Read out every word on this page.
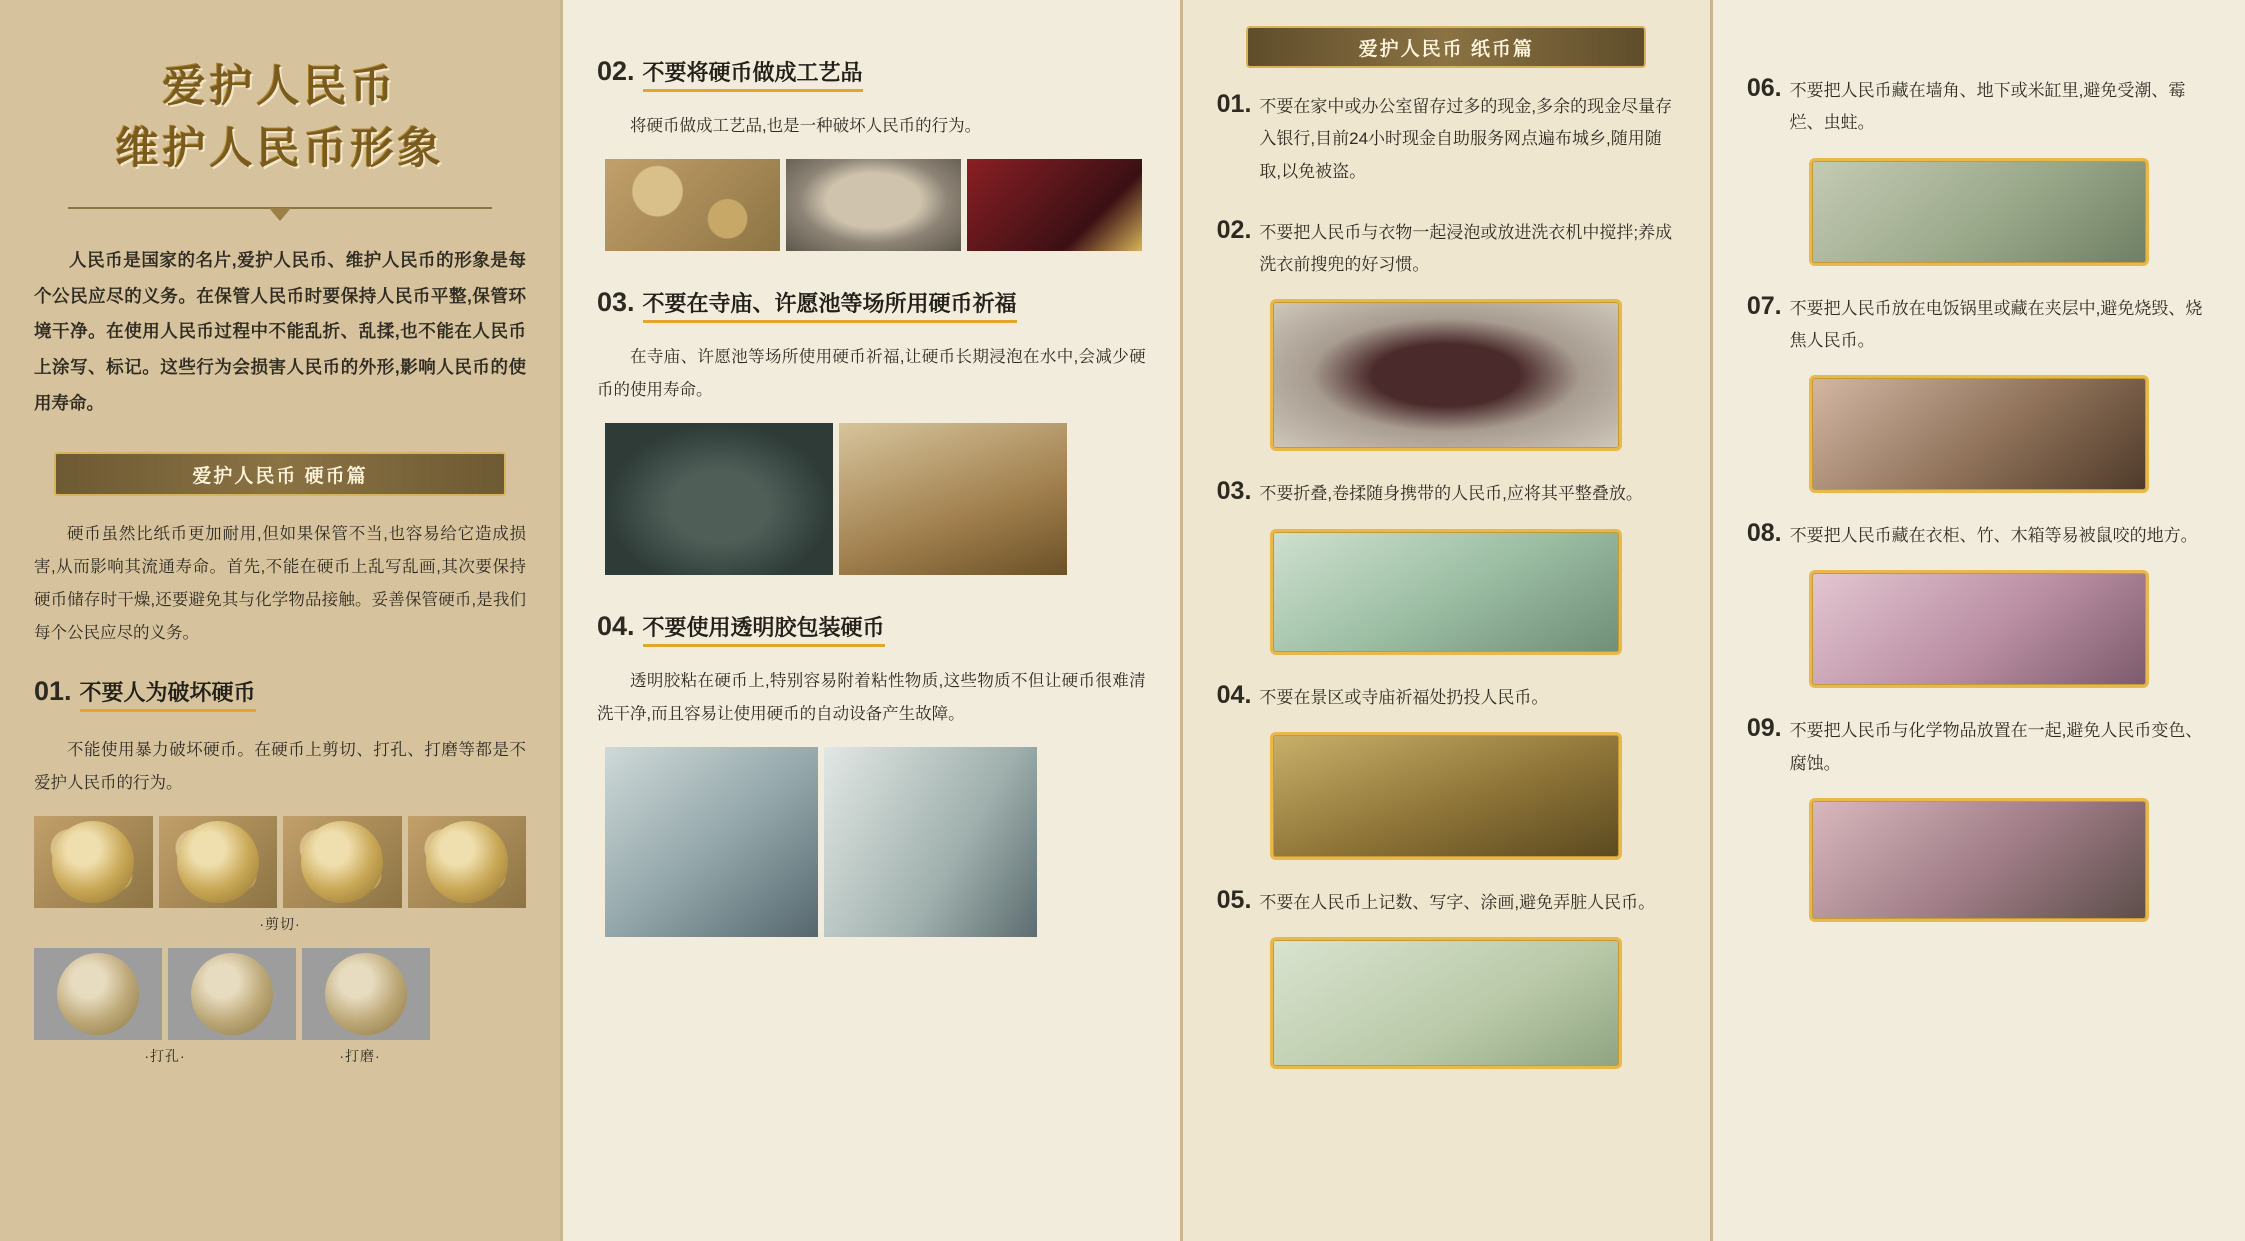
爱护人民币
维护人民币形象

人民币是国家的名片,爱护人民币、维护人民币的形象是每个公民应尽的义务。在保管人民币时要保持人民币平整,保管环境干净。在使用人民币过程中不能乱折、乱揉,也不能在人民币上涂写、标记。这些行为会损害人民币的外形,影响人民币的使用寿命。

爱护人民币 硬币篇

硬币虽然比纸币更加耐用,但如果保管不当,也容易给它造成损害,从而影响其流通寿命。首先,不能在硬币上乱写乱画,其次要保持硬币储存时干燥,还要避免其与化学物品接触。妥善保管硬币,是我们每个公民应尽的义务。

01. 不要人为破坏硬币

不能使用暴力破坏硬币。在硬币上剪切、打孔、打磨等都是不爱护人民币的行为。

·剪切·
·打孔·	·打磨·
02. 不要将硬币做成工艺品

将硬币做成工艺品,也是一种破坏人民币的行为。

03. 不要在寺庙、许愿池等场所用硬币祈福

在寺庙、许愿池等场所使用硬币祈福,让硬币长期浸泡在水中,会减少硬币的使用寿命。

04. 不要使用透明胶包装硬币

透明胶粘在硬币上,特别容易附着粘性物质,这些物质不但让硬币很难清洗干净,而且容易让使用硬币的自动设备产生故障。

爱护人民币 纸币篇
01. 不要在家中或办公室留存过多的现金,多余的现金尽量存入银行,目前24小时现金自助服务网点遍布城乡,随用随取,以免被盗。
02. 不要把人民币与衣物一起浸泡或放进洗衣机中搅拌;养成洗衣前搜兜的好习惯。
03. 不要折叠,卷揉随身携带的人民币,应将其平整叠放。
04. 不要在景区或寺庙祈福处扔投人民币。
05. 不要在人民币上记数、写字、涂画,避免弄脏人民币。
06. 不要把人民币藏在墙角、地下或米缸里,避免受潮、霉烂、虫蛀。
07. 不要把人民币放在电饭锅里或藏在夹层中,避免烧毁、烧焦人民币。
08. 不要把人民币藏在衣柜、竹、木箱等易被鼠咬的地方。
09. 不要把人民币与化学物品放置在一起,避免人民币变色、腐蚀。
